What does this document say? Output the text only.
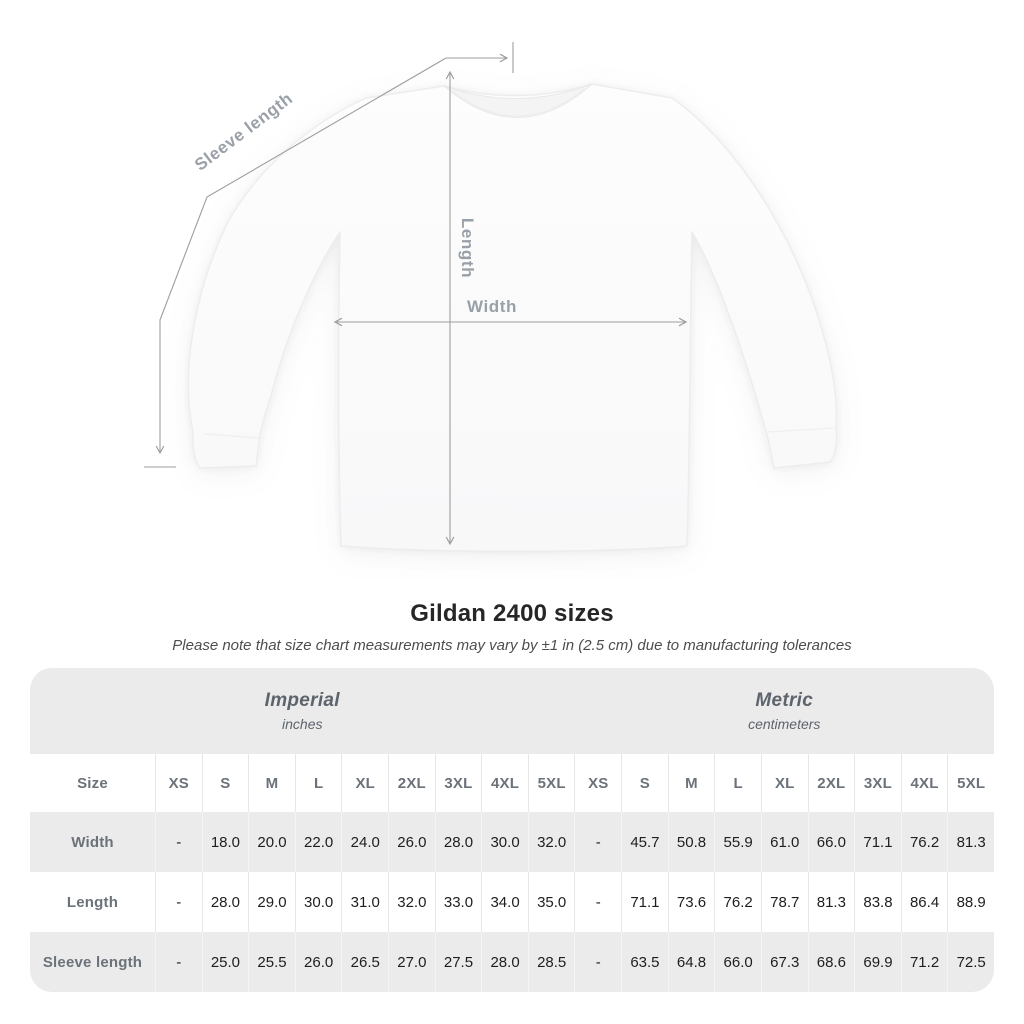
Sleeve length
Length
Width
Gildan 2400 sizes
Please note that size chart measurements may vary by ±1 in (2.5 cm) due to manufacturing tolerances
Imperial
inches
Metric
centimeters
Size	XS S M L XL 2XL 3XL 4XL 5XL XS S M L XL 2XL 3XL 4XL 5XL
Width	- 18.0 20.0 22.0 24.0 26.0 28.0 30.0 32.0 - 45.7 50.8 55.9 61.0 66.0 71.1 76.2 81.3
Length	- 28.0 29.0 30.0 31.0 32.0 33.0 34.0 35.0 - 71.1 73.6 76.2 78.7 81.3 83.8 86.4 88.9
Sleeve length - 25.0 25.5 26.0 26.5 27.0 27.5 28.0 28.5 - 63.5 64.8 66.0 67.3 68.6 69.9 71.2 72.5
